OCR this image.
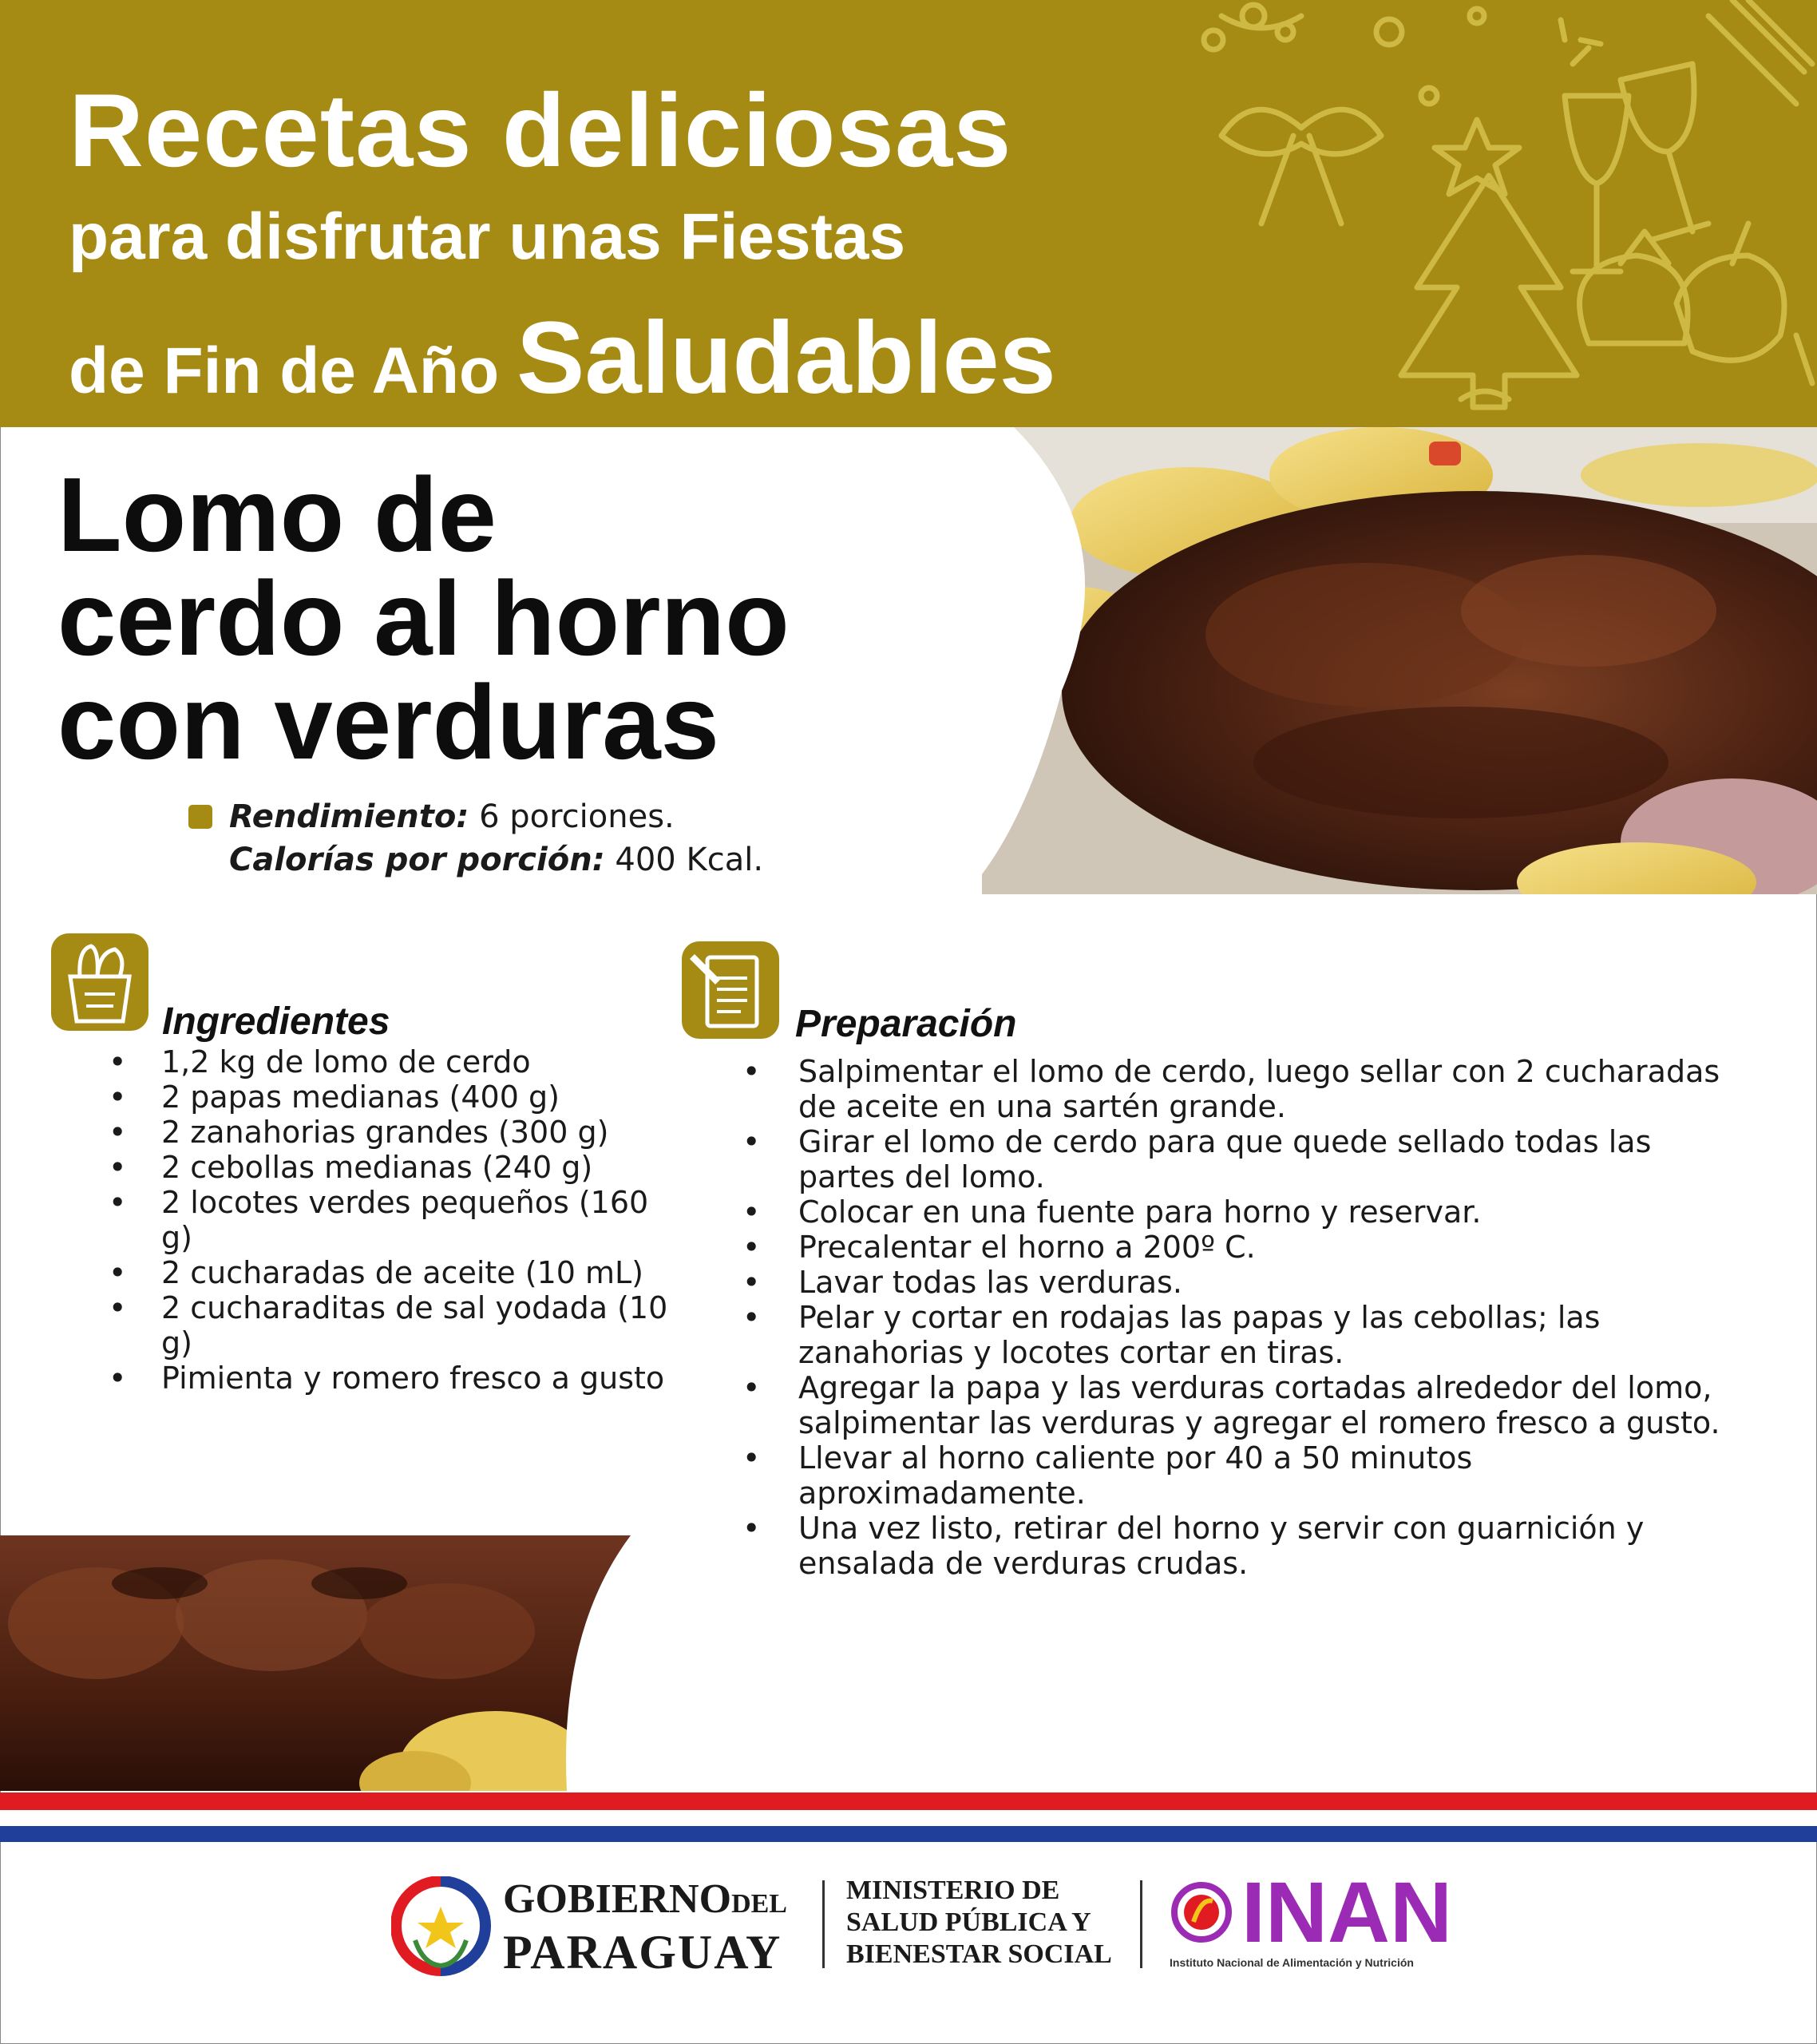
Recetas deliciosas
para disfrutar unas Fiestas
de Fin de Año Saludables
Lomo de
cerdo al horno
con verduras
Rendimiento: 6 porciones.
Calorías por porción: 400 Kcal.
Ingredientes
• 1,2 kg de lomo de cerdo
• 2 papas medianas (400 g)
• 2 zanahorias grandes (300 g)
• 2 cebollas medianas (240 g)
• 2 locotes verdes pequeños (160 g)
• 2 cucharadas de aceite (10 mL)
• 2 cucharaditas de sal yodada (10 g)
• Pimienta y romero fresco a gusto
Preparación
• Salpimentar el lomo de cerdo, luego sellar con 2 cucharadas de aceite en una sartén grande.
• Girar el lomo de cerdo para que quede sellado todas las partes del lomo.
• Colocar en una fuente para horno y reservar.
• Precalentar el horno a 200º C.
• Lavar todas las verduras.
• Pelar y cortar en rodajas las papas y las cebollas; las zanahorias y locotes cortar en tiras.
• Agregar la papa y las verduras cortadas alrededor del lomo, salpimentar las verduras y agregar el romero fresco a gusto.
• Llevar al horno caliente por 40 a 50 minutos aproximadamente.
• Una vez listo, retirar del horno y servir con guarnición y ensalada de verduras crudas.
GOBIERNODEL
PARAGUAY
MINISTERIO DE
SALUD PÚBLICA Y
BIENESTAR SOCIAL INAN
Instituto Nacional de Alimentación y Nutrición
